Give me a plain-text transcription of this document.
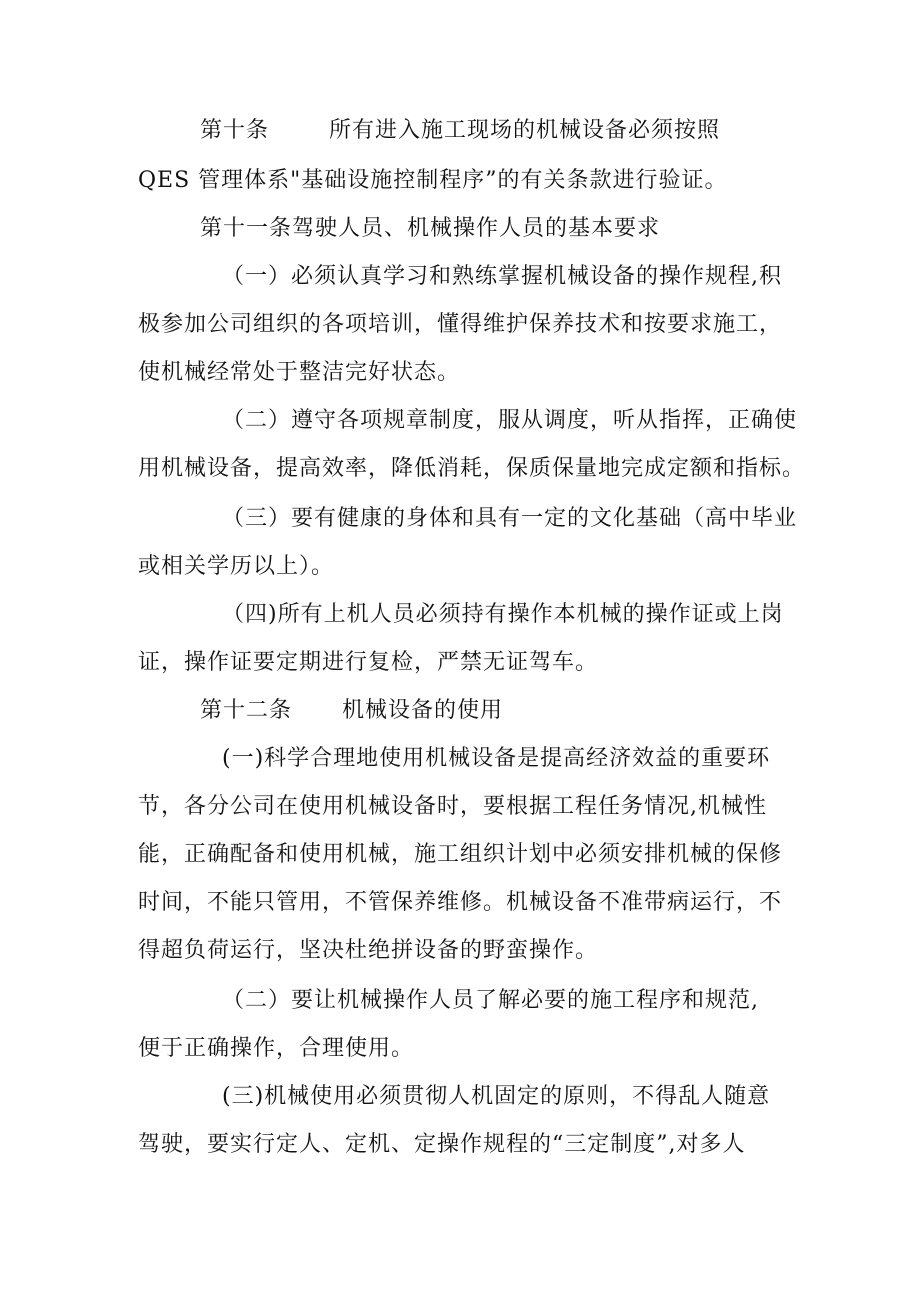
第十条	所有进入施工现场的机械设备必须按照
QES 管理体系"基础设施控制程序”的有关条款进行验证。
第十一条驾驶人员、机械操作人员的基本要求
（一）必须认真学习和熟练掌握机械设备的操作规程,积
极参加公司组织的各项培训，懂得维护保养技术和按要求施工，
使机械经常处于整洁完好状态。
（二）遵守各项规章制度，服从调度，听从指挥，正确使
用机械设备，提高效率，降低消耗，保质保量地完成定额和指标。
（三）要有健康的身体和具有一定的文化基础（高中毕业
或相关学历以上）。
（四)所有上机人员必须持有操作本机械的操作证或上岗
证，操作证要定期进行复检，严禁无证驾车。
第十二条 机械设备的使用
(一)科学合理地使用机械设备是提高经济效益的重要环
节，各分公司在使用机械设备时，要根据工程任务情况,机械性
能，正确配备和使用机械，施工组织计划中必须安排机械的保修
时间，不能只管用，不管保养维修。机械设备不准带病运行，不
得超负荷运行，坚决杜绝拼设备的野蛮操作。
（二）要让机械操作人员了解必要的施工程序和规范,
便于正确操作，合理使用。
(三)机械使用必须贯彻人机固定的原则，不得乱人随意
驾驶，要实行定人、定机、定操作规程的“三定制度”,对多人
